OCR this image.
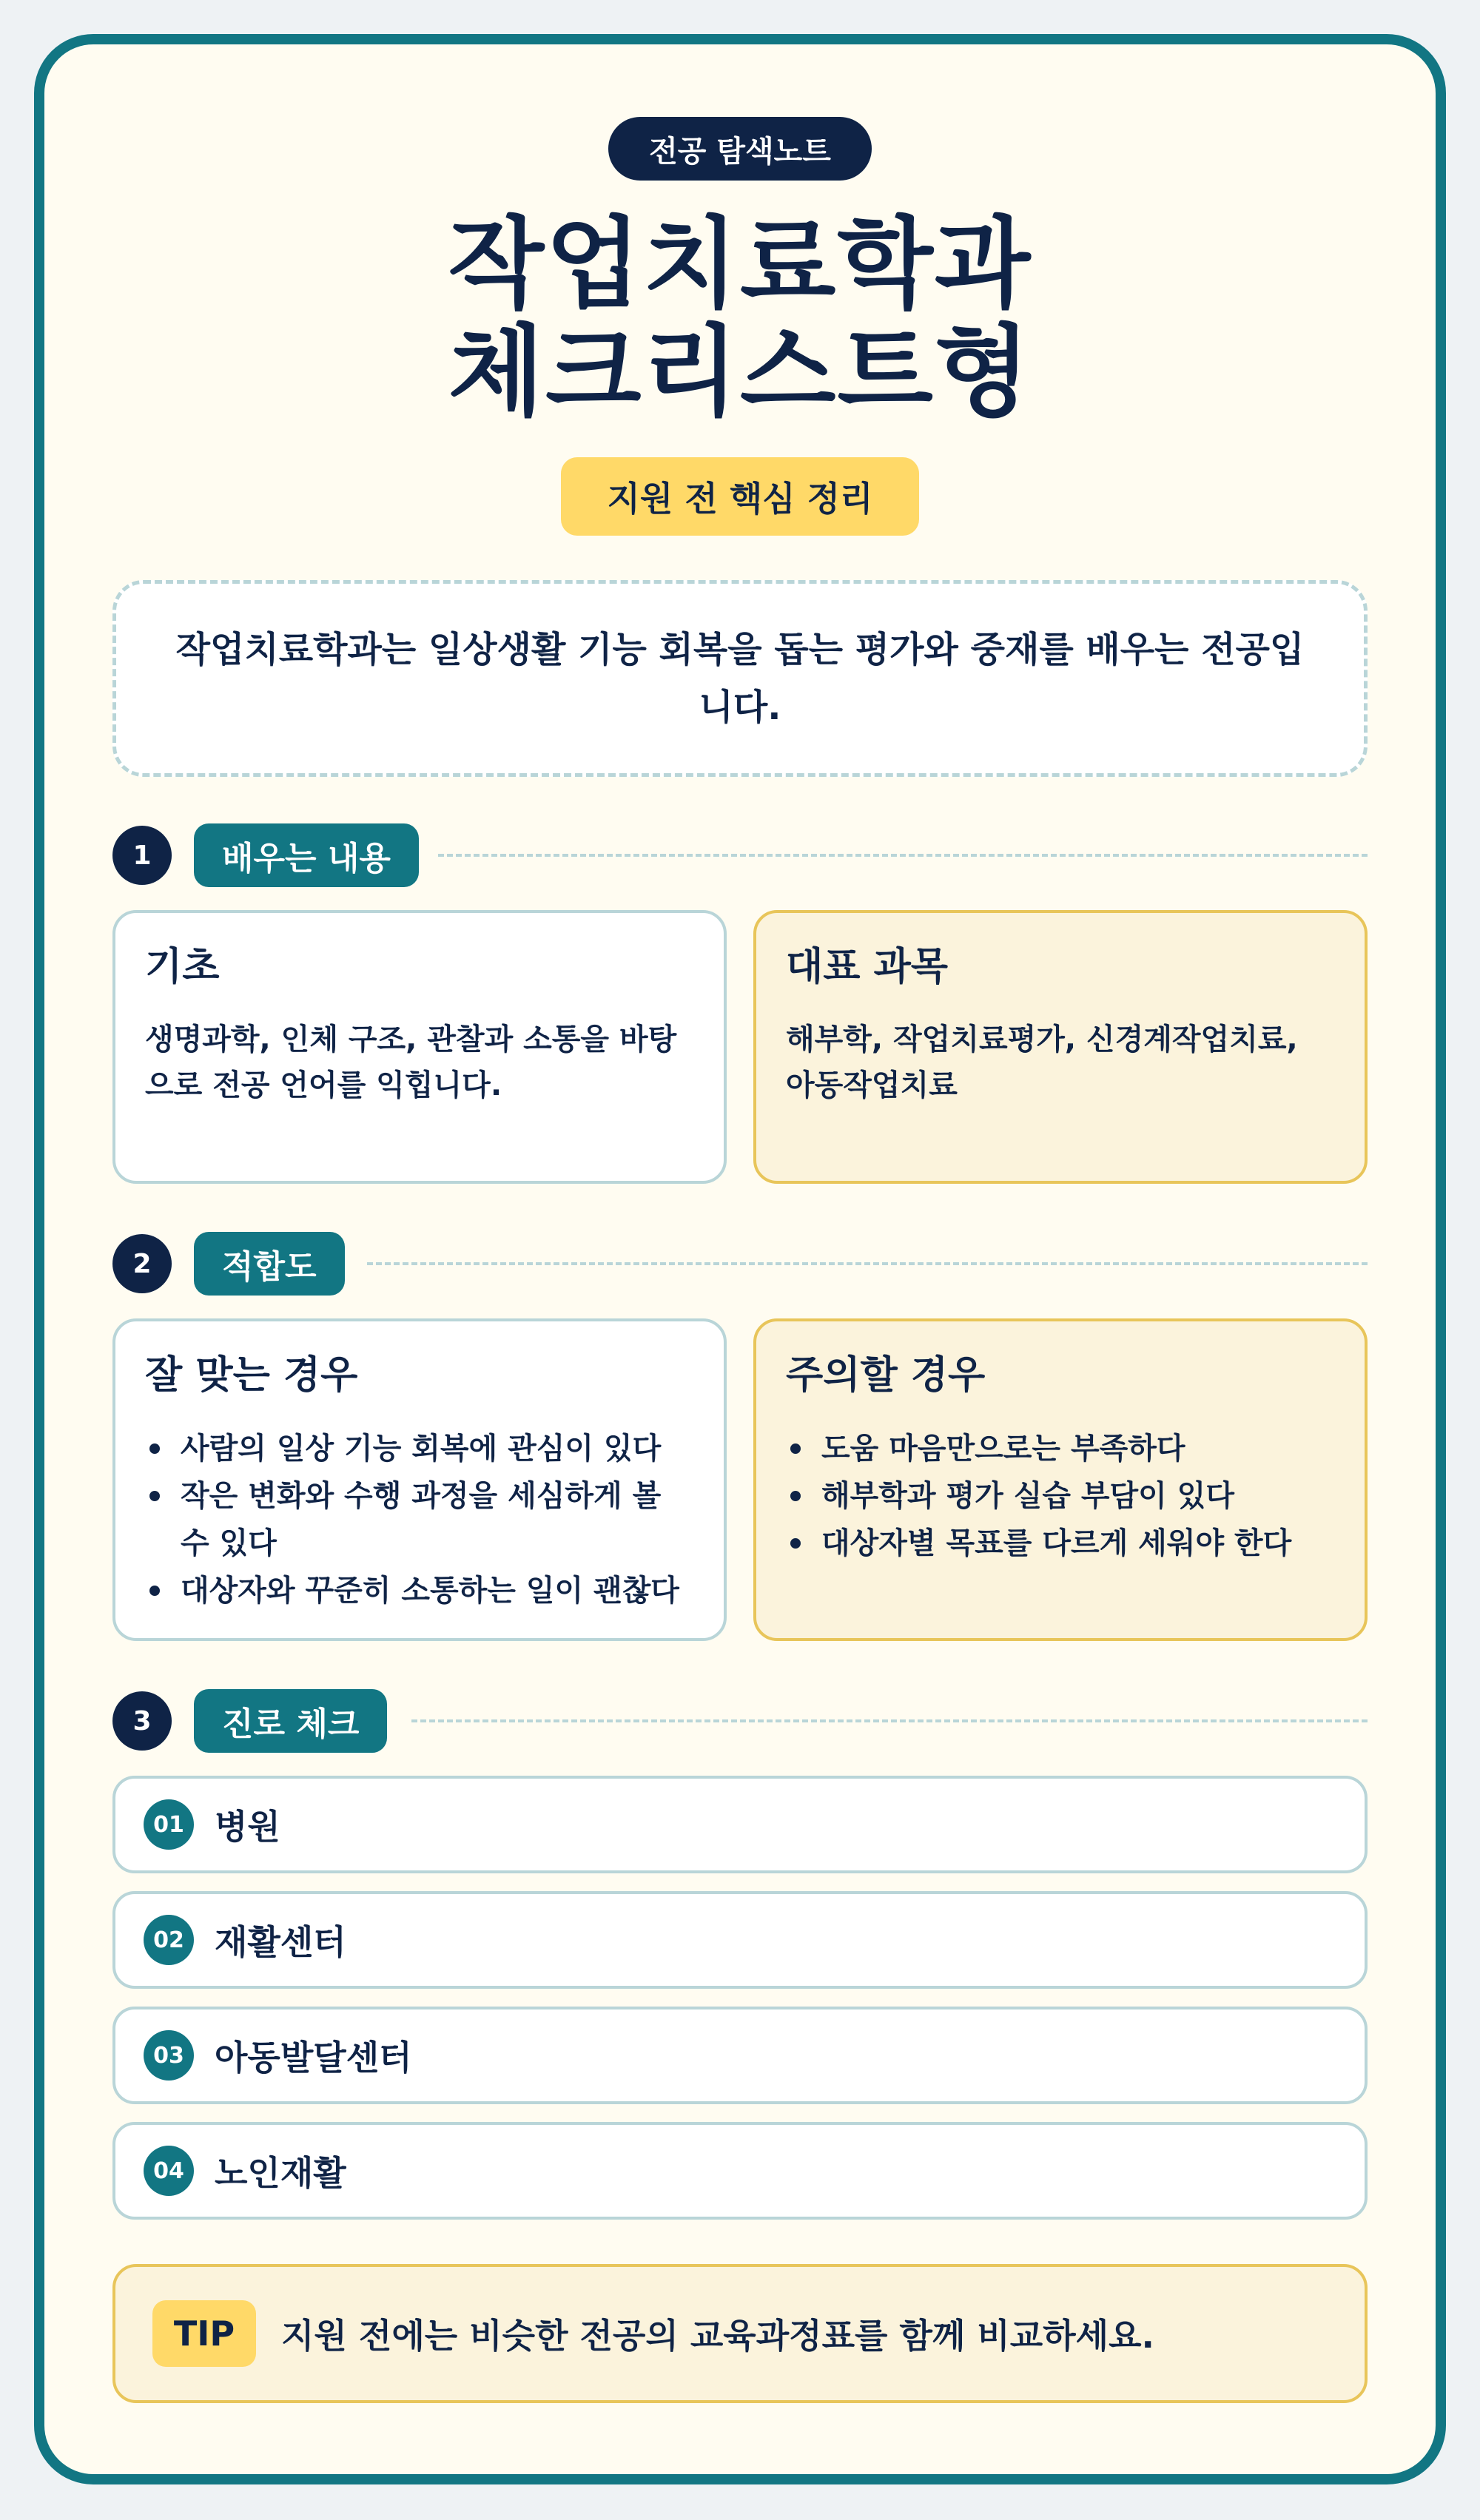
전공 탐색노트
작업치료학과
체크리스트형
지원 전 핵심 정리
작업치료학과는 일상생활 기능 회복을 돕는 평가와 중재를 배우는 전공입니다.
1	배우는 내용
기초

생명과학, 인체 구조, 관찰과 소통을 바탕으로 전공 언어를 익힙니다.

대표 과목

해부학, 작업치료평가, 신경계작업치료, 아동작업치료

2	적합도
잘 맞는 경우
사람의 일상 기능 회복에 관심이 있다
작은 변화와 수행 과정을 세심하게 볼 수 있다
대상자와 꾸준히 소통하는 일이 괜찮다
주의할 경우
도움 마음만으로는 부족하다
해부학과 평가 실습 부담이 있다
대상자별 목표를 다르게 세워야 한다
3	진로 체크
01 병원
02 재활센터
03 아동발달센터
04 노인재활
TIP	지원 전에는 비슷한 전공의 교육과정표를 함께 비교하세요.
